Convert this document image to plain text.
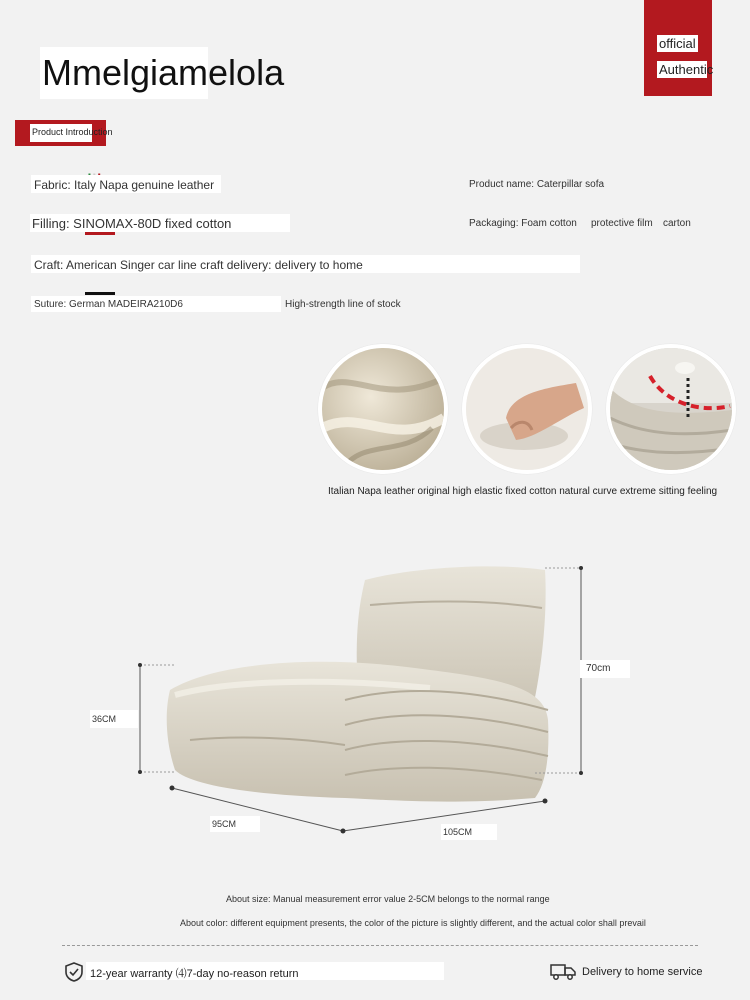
Mmelgiamelola
official
Authentic
Product Introduction
Fabric: Italy Napa genuine leather	Product name: Caterpillar sofa
Filling: SINOMAX-80D fixed cotton	Packaging: Foam cotton protective film carton
Craft: American Singer car line craft delivery: delivery to home
Suture: German MADEIRA210D6	High-strength line of stock
Italian Napa leather original high elastic fixed cotton natural curve extreme sitting feeling
70cm
36CM
95CM
105CM
About size: Manual measurement error value 2-5CM belongs to the normal range
About color: different equipment presents, the color of the picture is slightly different, and the actual color shall prevail
12-year warranty ⑷7-day no-reason return	Delivery to home service
